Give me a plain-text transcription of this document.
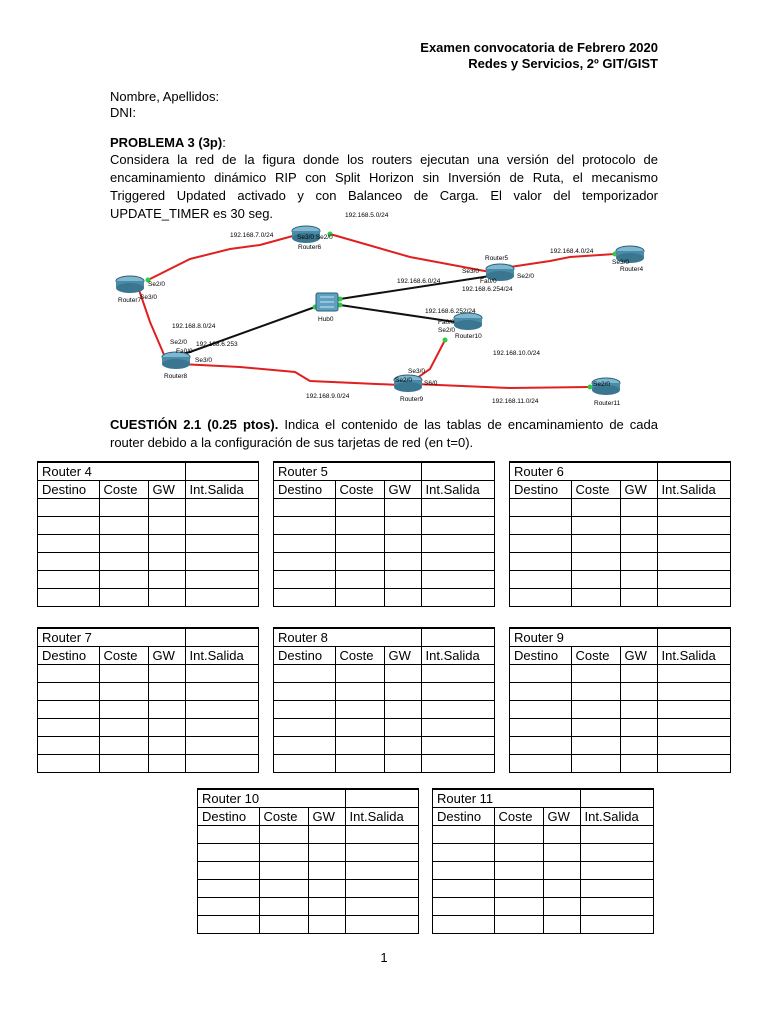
Examen convocatoria de Febrero 2020
Redes y Servicios, 2º GIT/GIST
Nombre, Apellidos:
DNI:
PROBLEMA 3 (3p):
Considera la red de la figura donde los routers ejecutan una versión del protocolo de encaminamiento dinámico RIP con Split Horizon sin Inversión de Ruta, el mecanismo Triggered Updated activado y con Balanceo de Carga. El valor del temporizador UPDATE_TIMER es 30 seg.
Router6
Router5
Router4
Router7
Hub0
Router10
Router8
Router9
Router11
192.168.5.0/24
192.168.7.0/24
192.168.4.0/24
192.168.6.0/24
192.168.6.254/24
192.168.6.252/24
192.168.8.0/24
192.168.6.253
192.168.10.0/24
192.168.9.0/24
192.168.11.0/24
Se3/0 Se2/0
Se3/0
Fa0/0
Se2/0
Se3/0
Se2/0
Se3/0
Fa0/0
Se2/0
Se2/0
Fa0/0
Se3/0
Se3/0
Se2/0 S6/0	Se2/0
CUESTIÓN 2.1 (0.25 ptos). Indica el contenido de las tablas de encaminamiento de cada router debido a la configuración de sus tarjetas de red (en t=0).
Router 4			
Destino	Coste	GW	Int.Salida

Router 5			
Destino	Coste	GW	Int.Salida

Router 6			
Destino	Coste	GW	Int.Salida

Router 7			
Destino	Coste	GW	Int.Salida

Router 8			
Destino	Coste	GW	Int.Salida

Router 9			
Destino	Coste	GW	Int.Salida

Router 10			
Destino	Coste	GW	Int.Salida

Router 11			
Destino	Coste	GW	Int.Salida

1
